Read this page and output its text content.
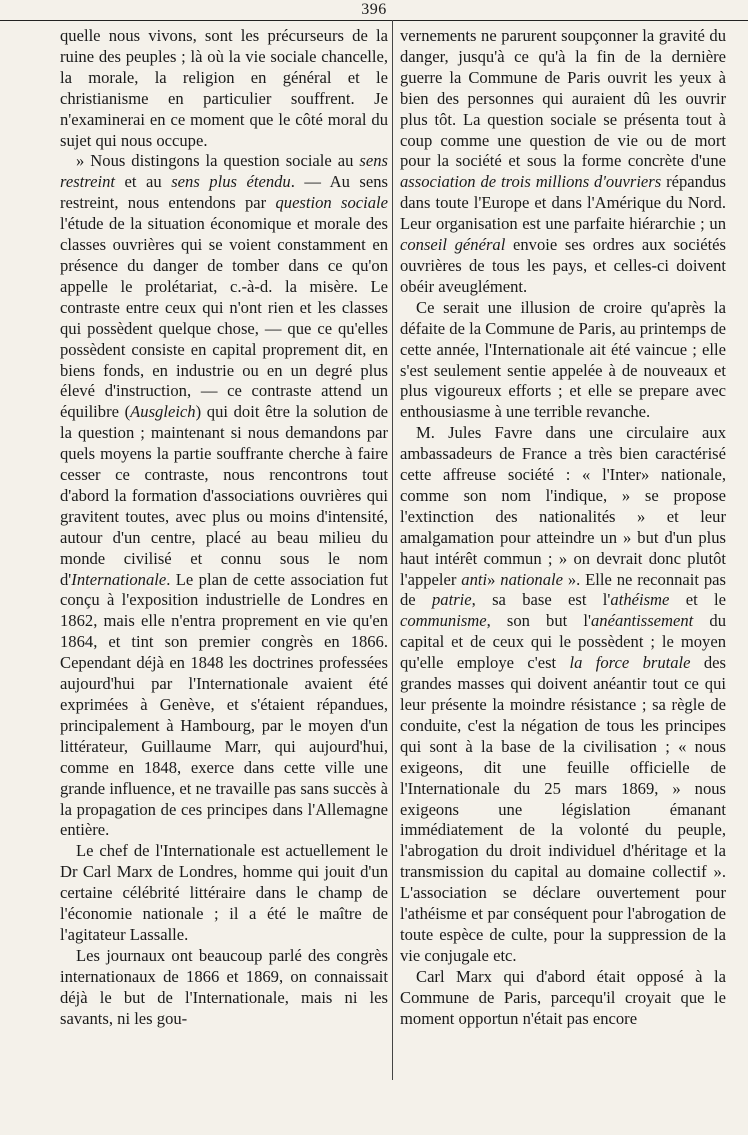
396

quelle nous vivons, sont les précurseurs de la ruine des peuples ; là où la vie sociale chancelle, la morale, la religion en général et le christianisme en particulier souffrent. Je n'examinerai en ce moment que le côté moral du sujet qui nous occupe.

» Nous distingons la question sociale au sens restreint et au sens plus étendu. — Au sens restreint, nous entendons par question sociale l'étude de la situation économique et morale des classes ouvrières qui se voient constamment en présence du danger de tomber dans ce qu'on appelle le prolétariat, c.-à-d. la misère. Le contraste entre ceux qui n'ont rien et les classes qui possèdent quelque chose, — que ce qu'elles possèdent consiste en capital proprement dit, en biens fonds, en industrie ou en un degré plus élevé d'instruction, — ce contraste attend un équilibre (Ausgleich) qui doit être la solution de la question ; maintenant si nous demandons par quels moyens la partie souffrante cherche à faire cesser ce contraste, nous rencontrons tout d'abord la formation d'associations ouvrières qui gravitent toutes, avec plus ou moins d'intensité, autour d'un centre, placé au beau milieu du monde civilisé et connu sous le nom d'Internationale. Le plan de cette association fut conçu à l'exposition industrielle de Londres en 1862, mais elle n'entra proprement en vie qu'en 1864, et tint son premier congrès en 1866. Cependant déjà en 1848 les doctrines professées aujourd'hui par l'Internationale avaient été exprimées à Genève, et s'étaient répandues, principalement à Hambourg, par le moyen d'un littérateur, Guillaume Marr, qui aujourd'hui, comme en 1848, exerce dans cette ville une grande influence, et ne travaille pas sans succès à la propagation de ces principes dans l'Allemagne entière.

Le chef de l'Internationale est actuellement le Dr Carl Marx de Londres, homme qui jouit d'un certaine célébrité littéraire dans le champ de l'économie nationale ; il a été le maître de l'agitateur Lassalle.

Les journaux ont beaucoup parlé des congrès internationaux de 1866 et 1869, on connaissait déjà le but de l'Internationale, mais ni les savants, ni les gou-

vernements ne parurent soupçonner la gravité du danger, jusqu'à ce qu'à la fin de la dernière guerre la Commune de Paris ouvrit les yeux à bien des personnes qui auraient dû les ouvrir plus tôt. La question sociale se présenta tout à coup comme une question de vie ou de mort pour la société et sous la forme concrète d'une association de trois millions d'ouvriers répandus dans toute l'Europe et dans l'Amérique du Nord. Leur organisation est une parfaite hiérarchie ; un conseil général envoie ses ordres aux sociétés ouvrières de tous les pays, et celles-ci doivent obéir aveuglément.

Ce serait une illusion de croire qu'après la défaite de la Commune de Paris, au printemps de cette année, l'Internationale ait été vaincue ; elle s'est seulement sentie appelée à de nouveaux et plus vigoureux efforts ; et elle se prepare avec enthousiasme à une terrible revanche.

M. Jules Favre dans une circulaire aux ambassadeurs de France a très bien caractérisé cette affreuse société : « l'Inter» nationale, comme son nom l'indique, » se propose l'extinction des nationalités » et leur amalgamation pour atteindre un » but d'un plus haut intérêt commun ; » on devrait donc plutôt l'appeler anti» nationale ». Elle ne reconnait pas de patrie, sa base est l'athéisme et le communisme, son but l'anéantissement du capital et de ceux qui le possèdent ; le moyen qu'elle employe c'est la force brutale des grandes masses qui doivent anéantir tout ce qui leur présente la moindre résistance ; sa règle de conduite, c'est la négation de tous les principes qui sont à la base de la civilisation ; « nous exigeons, dit une feuille officielle de l'Internationale du 25 mars 1869, » nous exigeons une législation émanant immédiatement de la volonté du peuple, l'abrogation du droit individuel d'héritage et la transmission du capital au domaine collectif ». L'association se déclare ouvertement pour l'athéisme et par conséquent pour l'abrogation de toute espèce de culte, pour la suppression de la vie conjugale etc.

Carl Marx qui d'abord était opposé à la Commune de Paris, parcequ'il croyait que le moment opportun n'était pas encore
